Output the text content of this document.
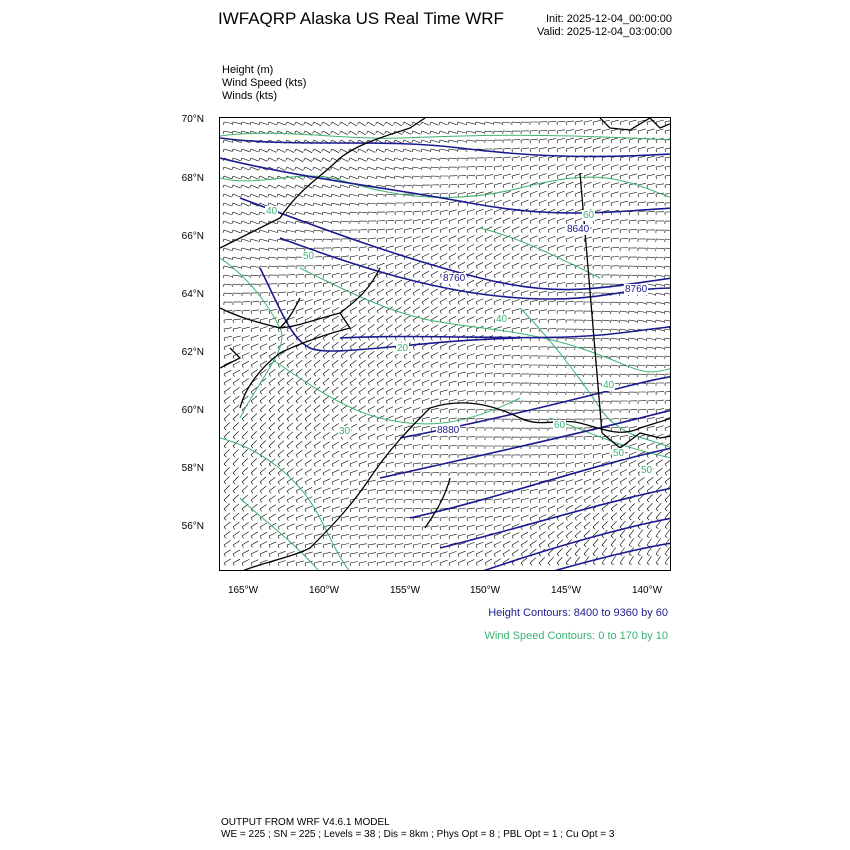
IWFAQRP Alaska US Real Time WRF	Init: 2025-12-04_00:00:00
Valid: 2025-12-04_03:00:00
Height (m)
Wind Speed (kts)
Winds (kts)
70°N
68°N
66°N
64°N
62°N
60°N
58°N
56°N
165°W	160°W	155°W	150°W	145°W	140°W
8640
8760
8760
8880
60
40
50
40
20
30
40
60
50
50
Height Contours: 8400 to 9360 by 60
Wind Speed Contours: 0 to 170 by 10
OUTPUT FROM WRF V4.6.1 MODEL
WE = 225 ; SN = 225 ; Levels = 38 ; Dis = 8km ; Phys Opt = 8 ; PBL Opt = 1 ; Cu Opt = 3
